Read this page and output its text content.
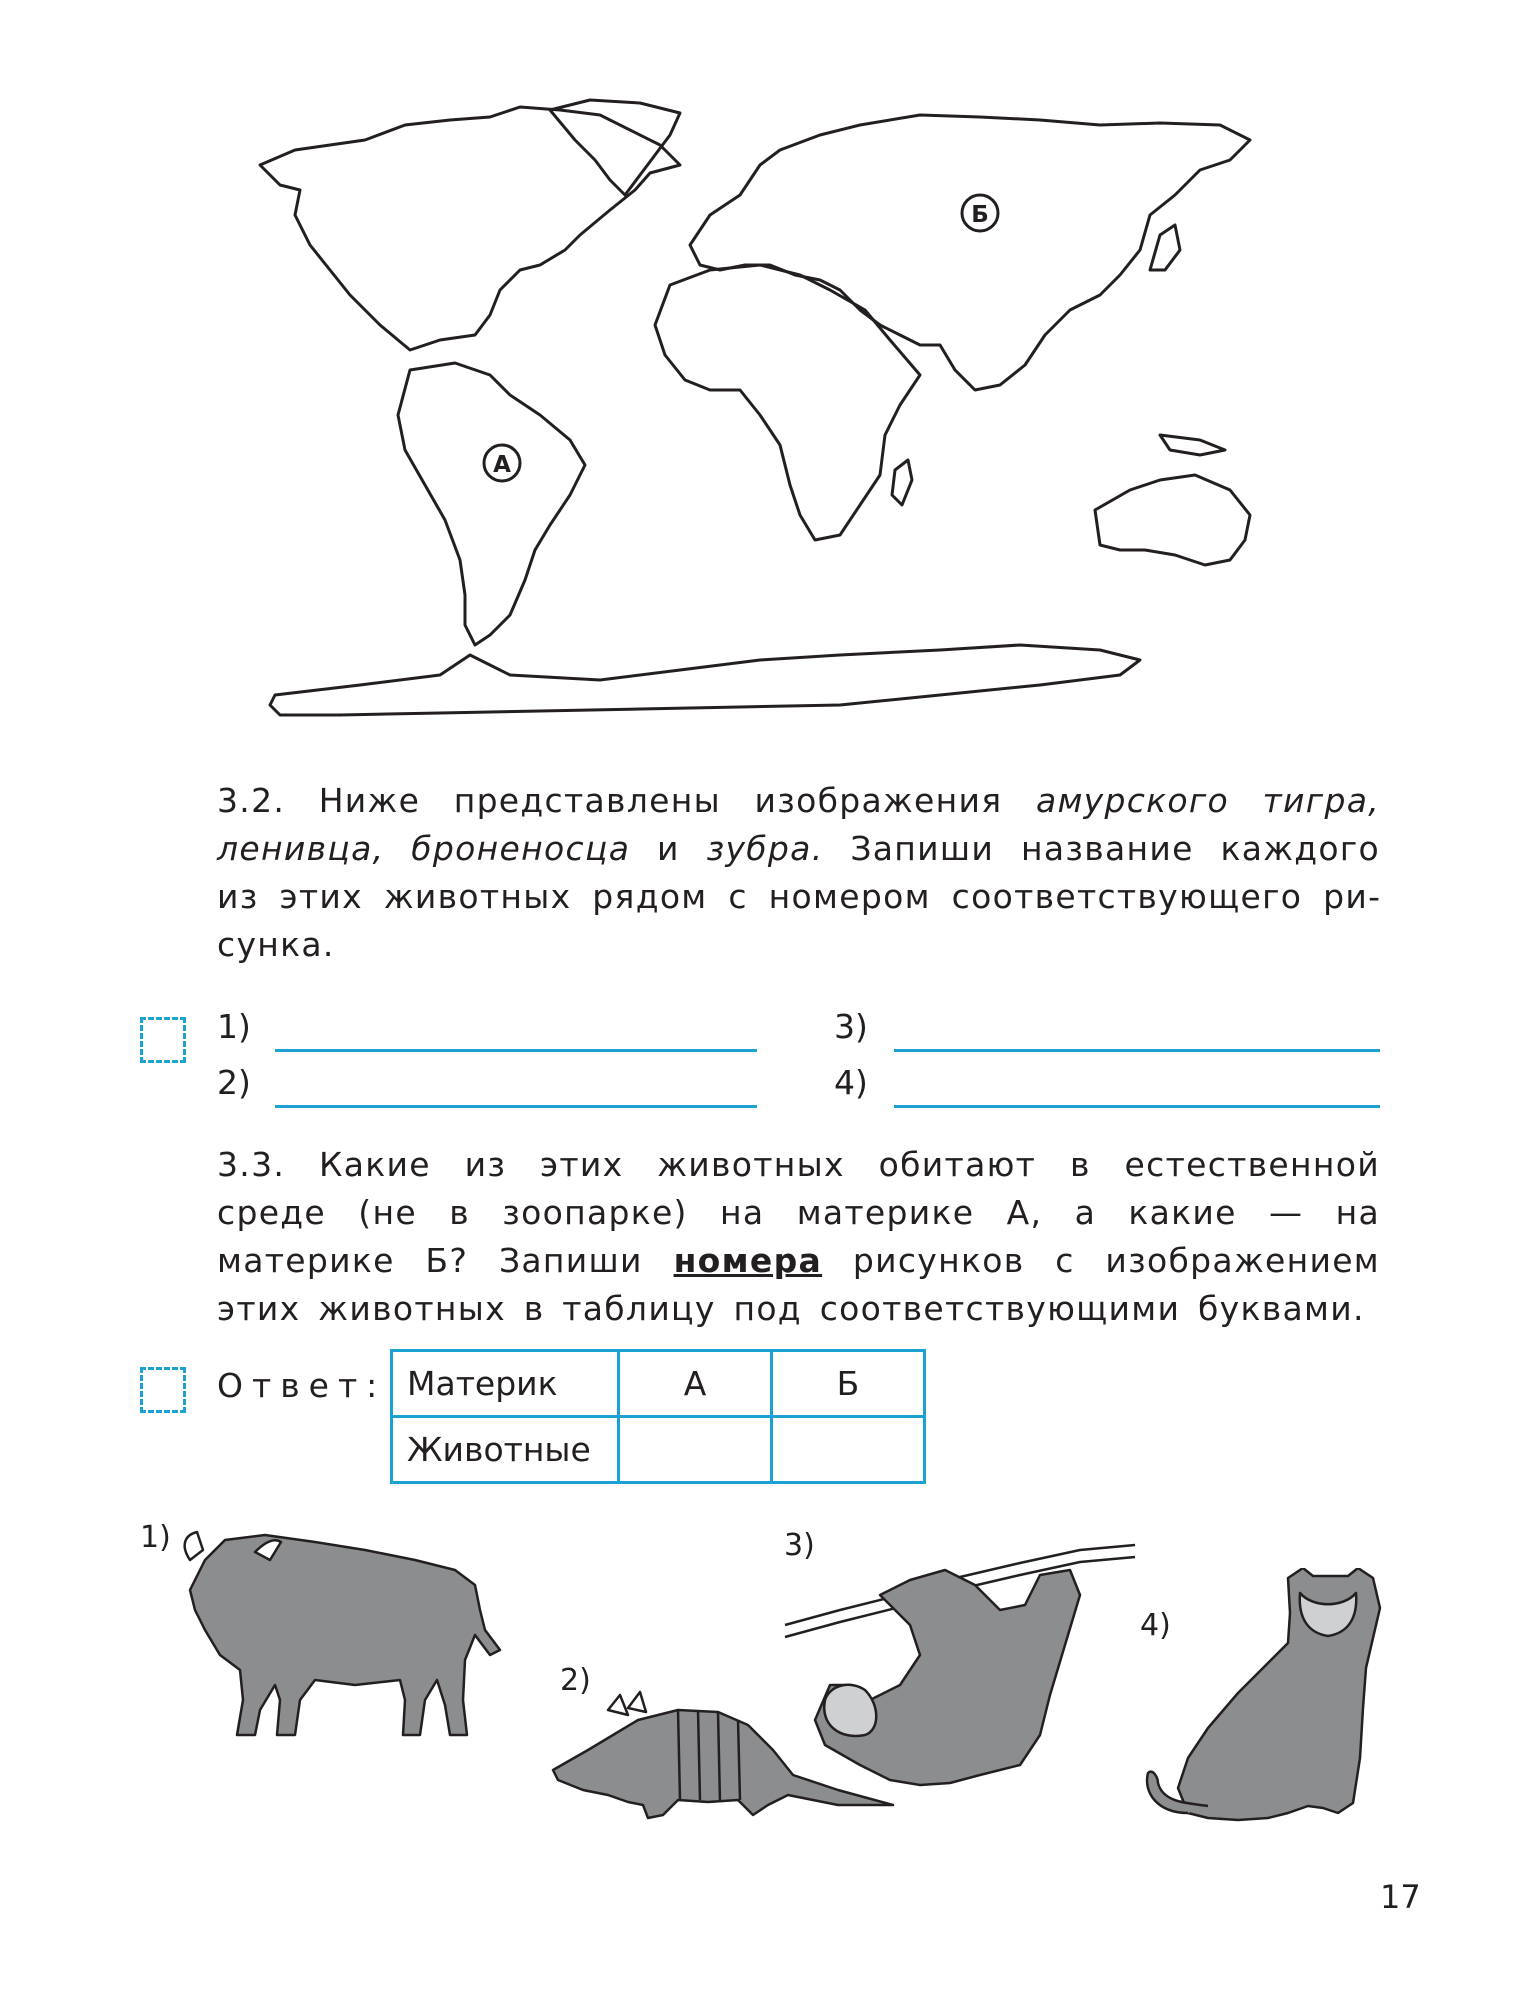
А
Б

3.2. Ниже представлены изображения амурского тигра, ленивца, броненосца и зубра. Запиши название каждого из этих животных рядом с номером соответствующего рисунка.

1)
2)
3)
4)

3.3. Какие из этих животных обитают в естественной среде (не в зоопарке) на материке А, а какие — на материке Б? Запиши номера рисунков с изображением этих животных в таблицу под соответствующими буквами.

Ответ: Материк	А	Б
Животные		
1)
2)
3)
4)
17
